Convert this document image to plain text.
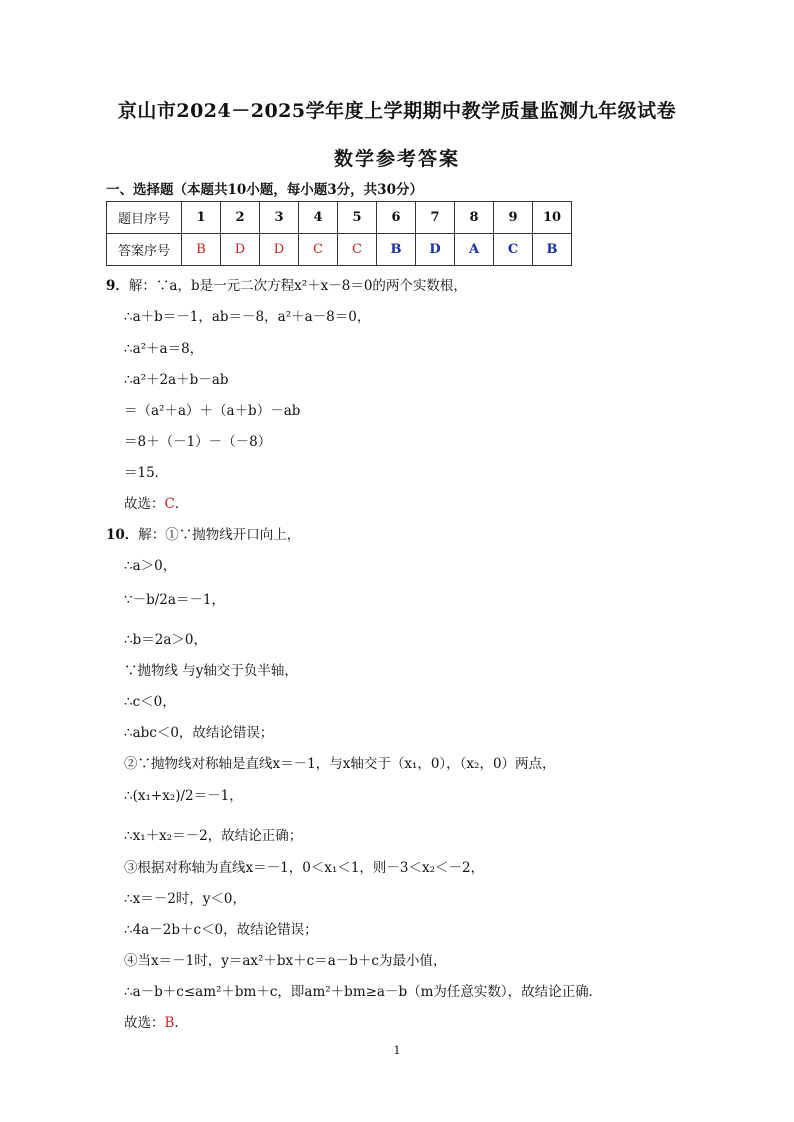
京山市2024－2025学年度上学期期中教学质量监测九年级试卷
数学参考答案
一、选择题（本题共10小题，每小题3分，共30分）
题目序号	1	2	3	4	5	6	7	8	9	10
答案序号	B	D	D	C	C	B	D	A	C	B
9．解：∵a，b是一元二次方程x²＋x－8＝0的两个实数根，
∴a＋b＝－1，ab＝－8，a²＋a－8＝0，
∴a²＋a＝8，
∴a²＋2a＋b－ab
＝（a²＋a）＋（a＋b）－ab
＝8＋（－1）－（－8）
＝15．
故选：C．
10．解：①∵抛物线开口向上，
∴a＞0，
∵－b/2a＝－1，
∴b＝2a＞0，
∵抛物线 与y轴交于负半轴，
∴c＜0，
∴abc＜0，故结论错误；
②∵抛物线对称轴是直线x＝－1，与x轴交于（x₁，0），（x₂，0）两点，
∴(x₁+x₂)/2＝－1，
∴x₁＋x₂＝－2，故结论正确；
③根据对称轴为直线x＝－1，0＜x₁＜1，则－3＜x₂＜－2，
∴x＝－2时，y＜0，
∴4a－2b＋c＜0，故结论错误；
④当x＝－1时，y＝ax²＋bx＋c＝a－b＋c为最小值，
∴a－b＋c≤am²＋bm＋c，即am²＋bm≥a－b（m为任意实数），故结论正确．
故选：B．
1
